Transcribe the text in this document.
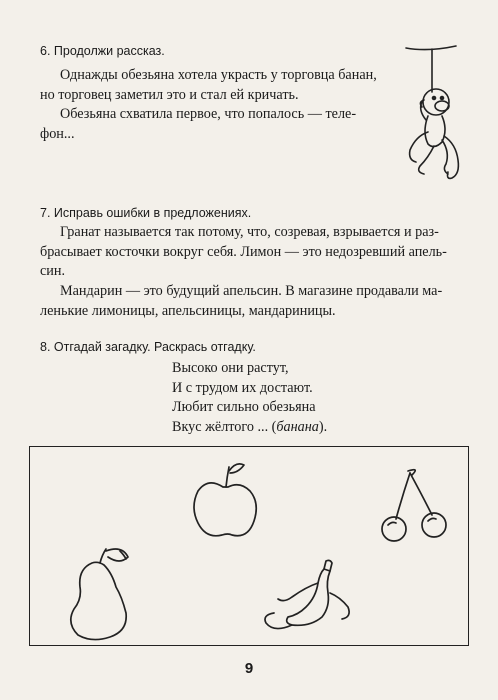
6. Продолжи рассказ.
Однажды обезьяна хотела украсть у торговца банан,
но торговец заметил это и стал ей кричать.
Обезьяна схватила первое, что попалось — теле-
фон...
7. Исправь ошибки в предложениях.
Гранат называется так потому, что, созревая, взрывается и раз-
брасывает косточки вокруг себя. Лимон — это недозревший апель-
син.
Мандарин — это будущий апельсин. В магазине продавали ма-
ленькие лимоницы, апельсиницы, мандариницы.
8. Отгадай загадку. Раскрась отгадку.
Высоко они растут,
И с трудом их достают.
Любит сильно обезьяна
Вкус жёлтого ... (банана).
9
